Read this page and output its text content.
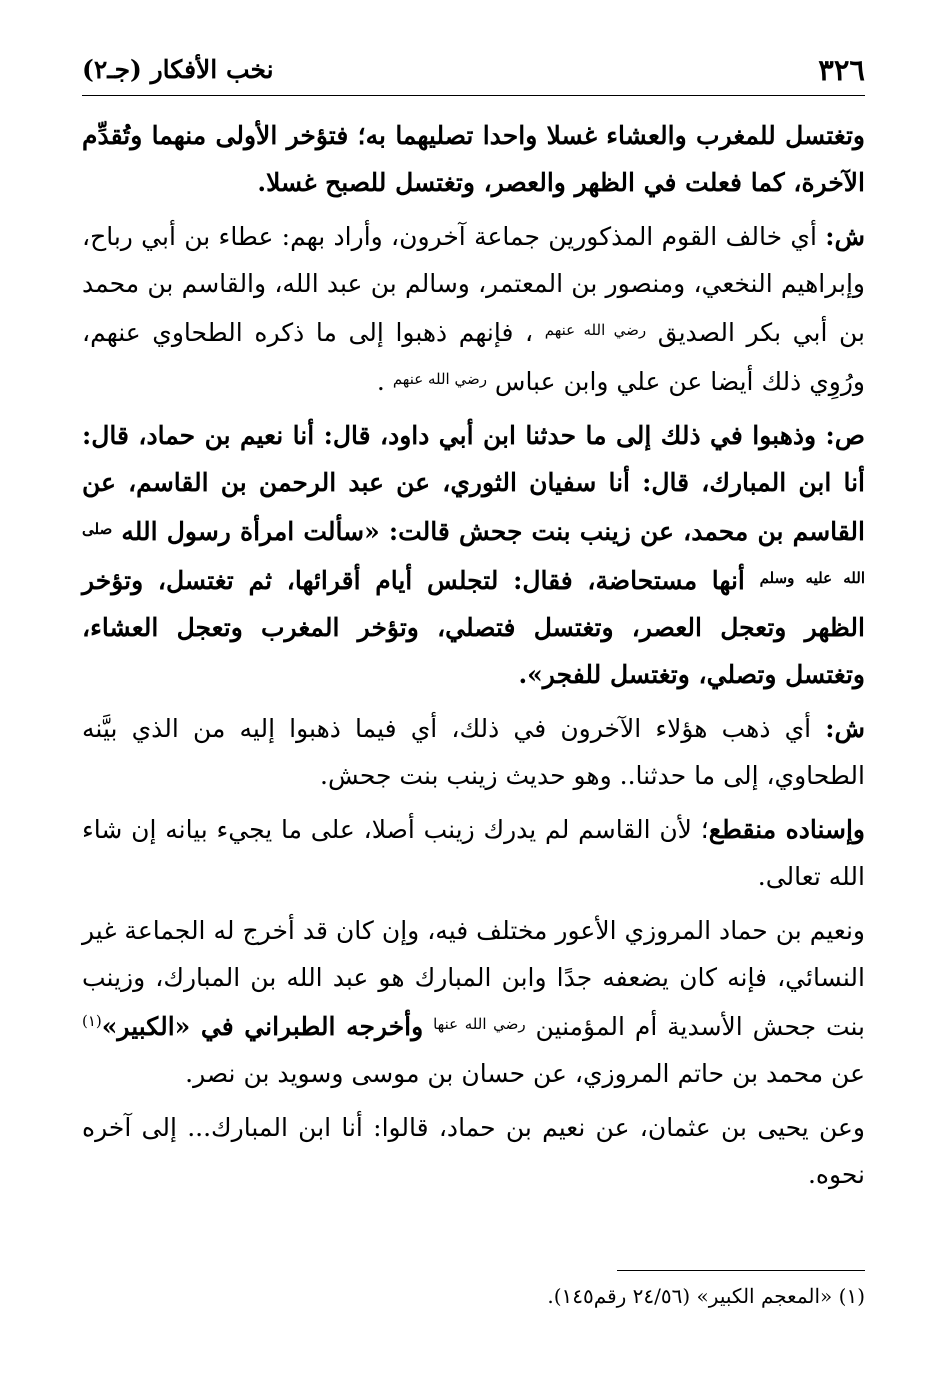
٣٢٦
نخب الأفكار (جـ٢)

وتغتسل للمغرب والعشاء غسلا واحدا تصليهما به؛ فتؤخر الأولى منهما وتُقدِّم الآخرة، كما فعلت في الظهر والعصر، وتغتسل للصبح غسلا.

ش: أي خالف القوم المذكورين جماعة آخرون، وأراد بهم: عطاء بن أبي رباح، وإبراهيم النخعي، ومنصور بن المعتمر، وسالم بن عبد الله، والقاسم بن محمد بن أبي بكر الصديق $^{رضي الله عنهم}$ ، فإنهم ذهبوا إلى ما ذكره الطحاوي عنهم، ورُوِي ذلك أيضا عن علي وابن عباس $^{رضي الله عنهم}$ .

ص: وذهبوا في ذلك إلى ما حدثنا ابن أبي داود، قال: أنا نعيم بن حماد، قال: أنا ابن المبارك، قال: أنا سفيان الثوري، عن عبد الرحمن بن القاسم، عن القاسم بن محمد، عن زينب بنت جحش قالت: «سألت امرأة رسول الله $^{صلى الله عليه وسلم}$ أنها مستحاضة، فقال: لتجلس أيام أقرائها، ثم تغتسل، وتؤخر الظهر وتعجل العصر، وتغتسل فتصلي، وتؤخر المغرب وتعجل العشاء، وتغتسل وتصلي، وتغتسل للفجر».

ش: أي ذهب هؤلاء الآخرون في ذلك، أي فيما ذهبوا إليه من الذي بيَّنه الطحاوي، إلى ما حدثنا.. وهو حديث زينب بنت جحش.

وإسناده منقطع؛ لأن القاسم لم يدرك زينب أصلا، على ما يجيء بيانه إن شاء الله تعالى.

ونعيم بن حماد المروزي الأعور مختلف فيه، وإن كان قد أخرج له الجماعة غير النسائي، فإنه كان يضعفه جدًا وابن المبارك هو عبد الله بن المبارك، وزينب بنت جحش الأسدية أم المؤمنين $^{رضي الله عنها}$ وأخرجه الطبراني في «الكبير»$^{(١)}$ عن محمد بن حاتم المروزي، عن حسان بن موسى وسويد بن نصر.

وعن يحيى بن عثمان، عن نعيم بن حماد، قالوا: أنا ابن المبارك... إلى آخره نحوه.

(١) «المعجم الكبير» (٢٤/٥٦ رقم١٤٥).
